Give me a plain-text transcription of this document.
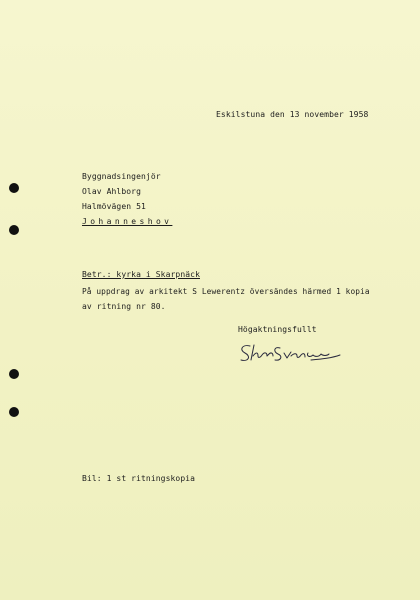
Eskilstuna den 13 november 1958
Byggnadsingenjör
Olav Ahlborg
Halmövägen 51
Johanneshov
Betr.: kyrka i Skarpnäck
På uppdrag av arkitekt S Lewerentz översändes härmed 1 kopia
av ritning nr 80.
Högaktningsfullt
Bil: 1 st ritningskopia
